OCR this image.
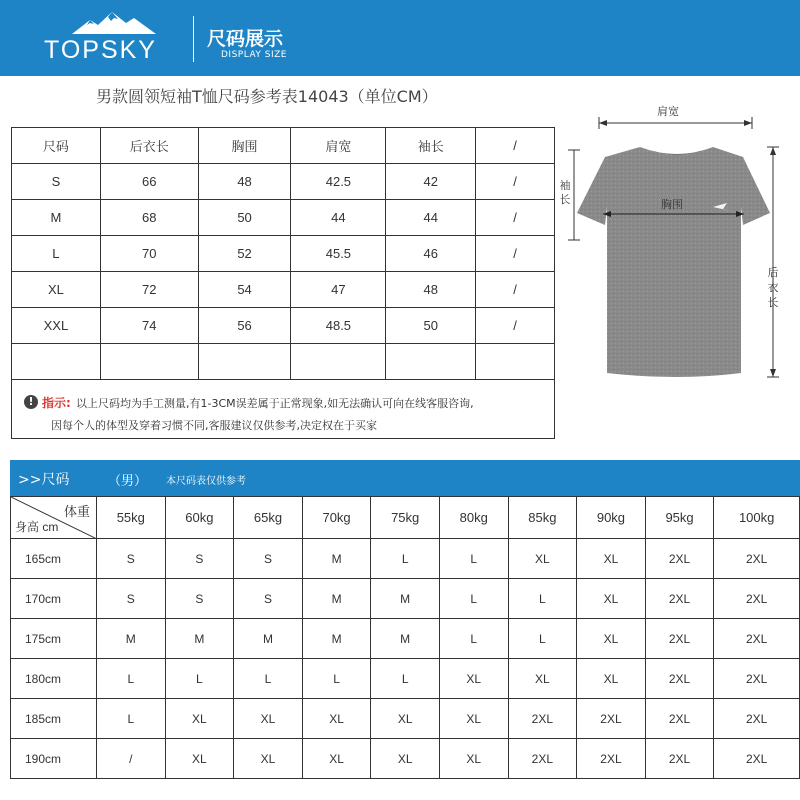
TOPSKY	尺码展示
DISPLAY SIZE
男款圆领短袖T恤尺码参考表14043（单位CM）
尺码	后衣长	胸围	肩宽	袖长	/
S	66	48	42.5	42	/
M	68	50	44	44	/
L	70	52	45.5	46	/
XL	72	54	47	48	/
XXL	74	56	48.5	50	/

! 指示: 以上尺码均为手工测量,有1-3CM误差属于正常现象,如无法确认可向在线客服咨询,
因每个人的体型及穿着习惯不同,客服建议仅供参考,决定权在于买家
肩宽
袖长	胸围
后衣长
>>尺码	（男） 本尺码表仅供参考
体重
身高 cm	55kg	60kg	65kg	70kg	75kg	80kg	85kg	90kg	95kg	100kg
165cm	S	S	S	M	L	L	XL	XL	2XL	2XL
170cm	S	S	S	M	M	L	L	XL	2XL	2XL
175cm	M	M	M	M	M	L	L	XL	2XL	2XL
180cm	L	L	L	L	L	XL	XL	XL	2XL	2XL
185cm	L	XL	XL	XL	XL	XL	2XL	2XL	2XL	2XL
190cm	/	XL	XL	XL	XL	XL	2XL	2XL	2XL	2XL
